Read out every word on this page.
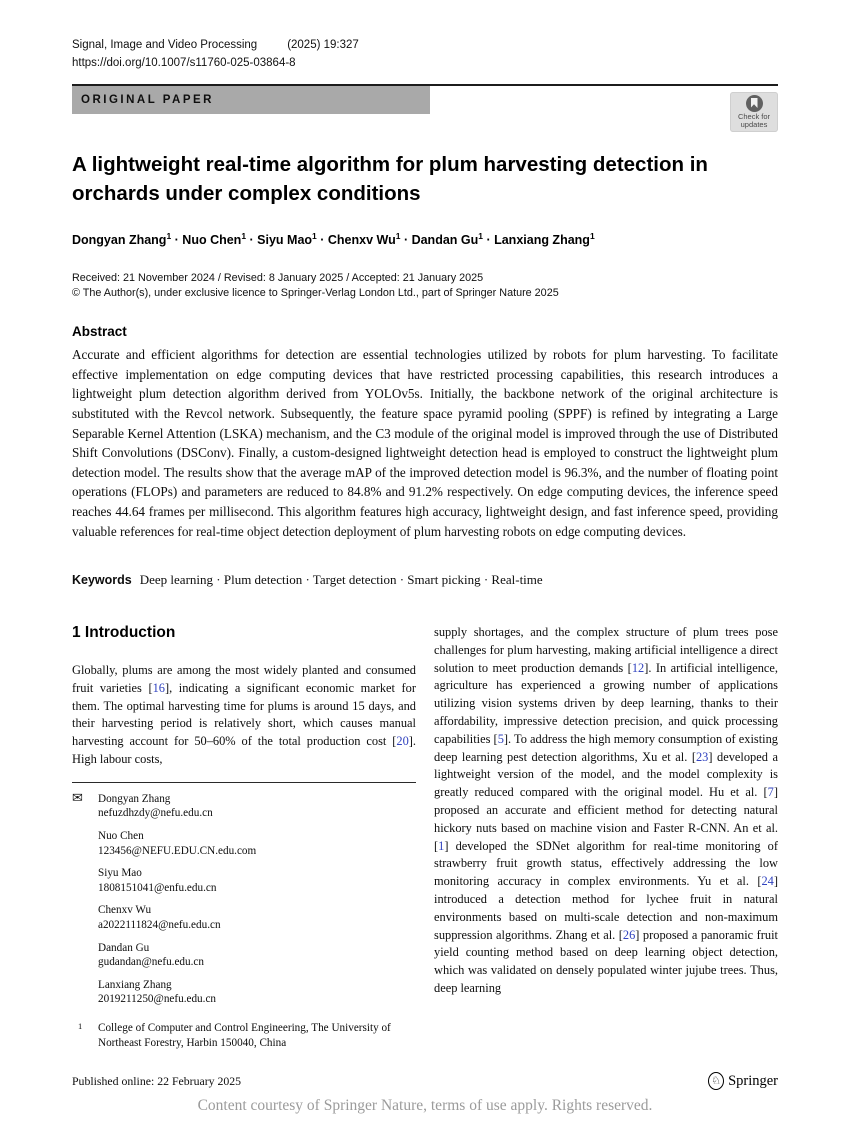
Signal, Image and Video Processing	(2025) 19:327
https://doi.org/10.1007/s11760-025-03864-8
ORIGINAL PAPER
Check for
updates
A lightweight real-time algorithm for plum harvesting detection in orchards under complex conditions
Dongyan Zhang$^1$ · Nuo Chen$^1$ · Siyu Mao$^1$ · Chenxv $Wu^1$ · Dandan $Gu^1$ · Lanxiang Zhang$^1$
Received: 21 November 2024 / Revised: 8 January 2025 / Accepted: 21 January 2025
© The Author(s), under exclusive licence to Springer-Verlag London Ltd., part of Springer Nature 2025
Abstract

Accurate and efficient algorithms for detection are essential technologies utilized by robots for plum harvesting. To facilitate effective implementation on edge computing devices that have restricted processing capabilities, this research introduces a lightweight plum detection algorithm derived from YOLOv5s. Initially, the backbone network of the original architecture is substituted with the Revcol network. Subsequently, the feature space pyramid pooling (SPPF) is refined by integrating a Large Separable Kernel Attention (LSKA) mechanism, and the C3 module of the original model is improved through the use of Distributed Shift Convolutions (DSConv). Finally, a custom-designed lightweight detection head is employed to construct the lightweight plum detection model. The results show that the average mAP of the improved detection model is 96.3%, and the number of floating point operations (FLOPs) and parameters are reduced to 84.8% and 91.2% respectively. On edge computing devices, the inference speed reaches 44.64 frames per millisecond. This algorithm features high accuracy, lightweight design, and fast inference speed, providing valuable references for real-time object detection deployment of plum harvesting robots on edge computing devices.

Keywords Deep learning · Plum detection · Target detection · Smart picking · Real-time

1 Introduction

Globally, plums are among the most widely planted and consumed fruit varieties [16], indicating a significant economic market for them. The optimal harvesting time for plums is around 15 days, and their harvesting period is relatively short, which causes manual harvesting account for 50–60% of the total production cost [20]. High labour costs,

✉ Dongyan Zhang
nefuzdhzdy@nefu.edu.cn
Nuo Chen
123456@NEFU.EDU.CN.edu.com
Siyu Mao
1808151041@enfu.edu.cn
Chenxv Wu
a2022111824@nefu.edu.cn
Dandan Gu
gudandan@nefu.edu.cn
Lanxiang Zhang
2019211250@nefu.edu.cn
1 College of Computer and Control Engineering, The University of Northeast Forestry, Harbin 150040, China

supply shortages, and the complex structure of plum trees pose challenges for plum harvesting, making artificial intelligence a direct solution to meet production demands [12]. In artificial intelligence, agriculture has experienced a growing number of applications utilizing vision systems driven by deep learning, thanks to their affordability, impressive detection precision, and quick processing capabilities [5]. To address the high memory consumption of existing deep learning pest detection algorithms, Xu et al. [23] developed a lightweight version of the model, and the model complexity is greatly reduced compared with the original model. Hu et al. [7] proposed an accurate and efficient method for detecting natural hickory nuts based on machine vision and Faster R-CNN. An et al. [1] developed the SDNet algorithm for real-time monitoring of strawberry fruit growth status, effectively addressing the low monitoring accuracy in complex environments. Yu et al. [24] introduced a detection method for lychee fruit in natural environments based on multi-scale detection and non-maximum suppression algorithms. Zhang et al. [26] proposed a panoramic fruit yield counting method based on deep learning object detection, which was validated on densely populated winter jujube trees. Thus, deep learning

Published online: 22 February 2025	♘ Springer
Content courtesy of Springer Nature, terms of use apply. Rights reserved.
